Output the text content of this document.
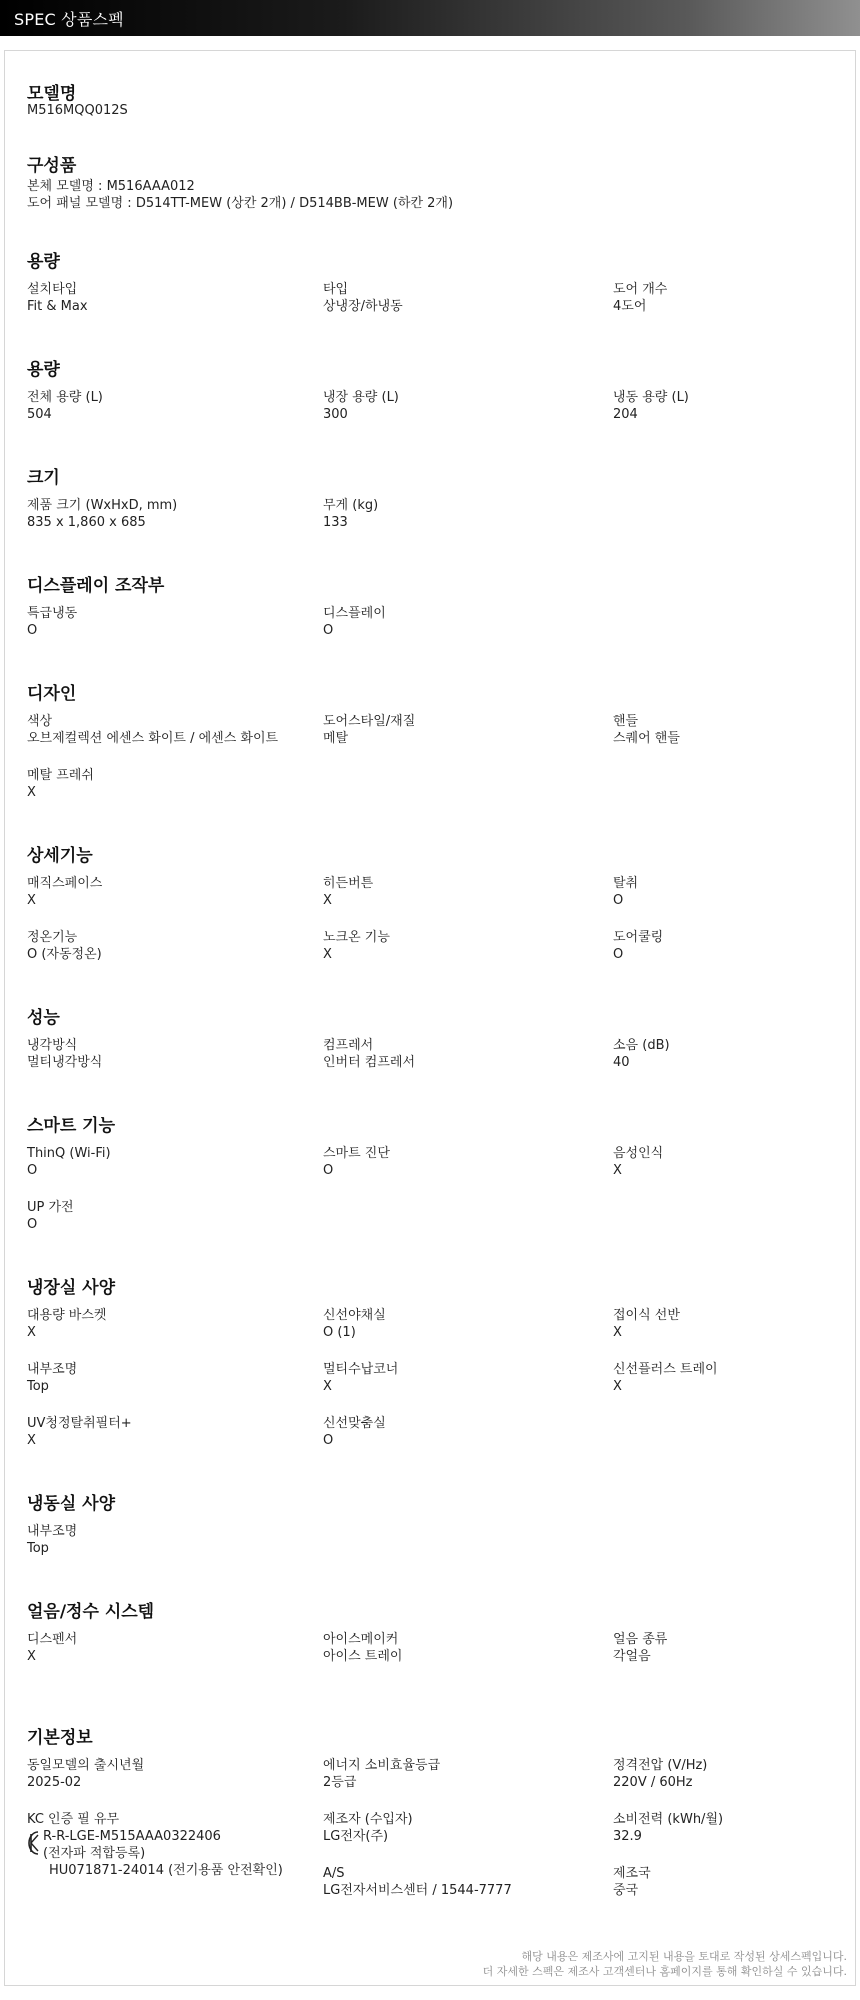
SPEC 상품스펙
모델명
M516MQQ012S
구성품
본체 모델명 : M516AAA012
도어 패널 모델명 : D514TT-MEW (상칸 2개) / D514BB-MEW (하칸 2개)
용량
설치타입
Fit & Max
타입
상냉장/하냉동
도어 개수
4도어
용량
전체 용량 (L)
504
냉장 용량 (L)
300
냉동 용량 (L)
204
크기
제품 크기 (WxHxD, mm)
835 x 1,860 x 685
무게 (kg)
133
디스플레이 조작부
특급냉동
O
디스플레이
O
디자인
색상
오브제컬렉션 에센스 화이트 / 에센스 화이트
도어스타일/재질
메탈
핸들
스퀘어 핸들
메탈 프레쉬
X
상세기능
매직스페이스
X
히든버튼
X
탈취
O
정온기능
O (자동정온)
노크온 기능
X
도어쿨링
O
성능
냉각방식
멀티냉각방식
컴프레서
인버터 컴프레서
소음 (dB)
40
스마트 기능
ThinQ (Wi-Fi)
O
스마트 진단
O
음성인식
X
UP 가전
O
냉장실 사양
대용량 바스켓
X
신선야채실
O (1)
접이식 선반
X
내부조명
Top
멀티수납코너
X
신선플러스 트레이
X
UV청정탈취필터+
X
신선맞춤실
O
냉동실 사양
내부조명
Top
얼음/정수 시스템
디스펜서
X
아이스메이커
아이스 트레이
얼음 종류
각얼음
기본정보
동일모델의 출시년월
2025-02
에너지 소비효율등급
2등급
정격전압 (V/Hz)
220V / 60Hz
KC 인증 필 유무
R-R-LGE-M515AAA0322406
(전자파 적합등록)
HU071871-24014 (전기용품 안전확인)
제조자 (수입자)
LG전자(주)
소비전력 (kWh/월)
32.9
A/S
LG전자서비스센터 / 1544-7777
제조국
중국
해당 내용은 제조사에 고지된 내용을 토대로 작성된 상세스펙입니다.
더 자세한 스펙은 제조사 고객센터나 홈페이지를 통해 확인하실 수 있습니다.
